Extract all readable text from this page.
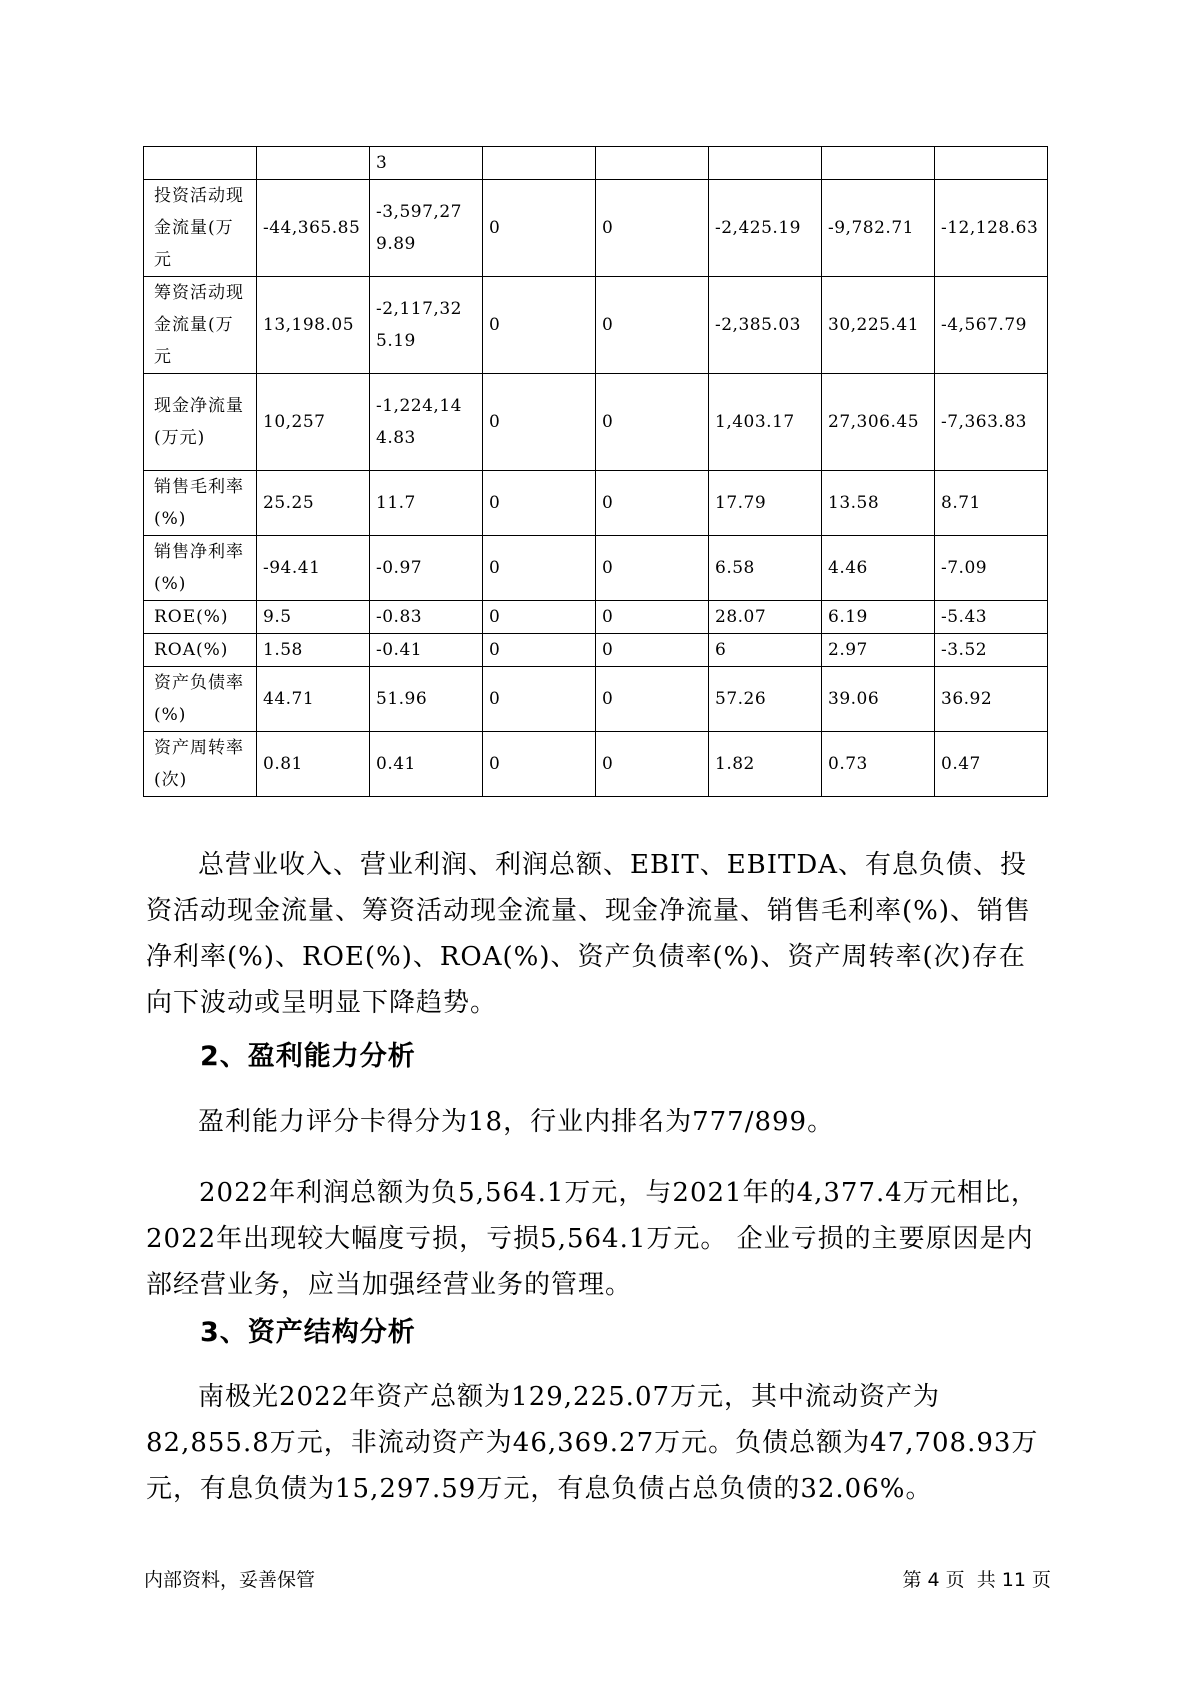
		3					
投资活动现金流量(万元	-44,365.85	-3,597,279.89	0	0	-2,425.19	-9,782.71	-12,128.63
筹资活动现金流量(万元	13,198.05	-2,117,325.19	0	0	-2,385.03	30,225.41	-4,567.79
现金净流量(万元)	10,257	-1,224,144.83	0	0	1,403.17	27,306.45	-7,363.83
销售毛利率(%)	25.25	11.7	0	0	17.79	13.58	8.71
销售净利率(%)	-94.41	-0.97	0	0	6.58	4.46	-7.09
ROE(%)	9.5	-0.83	0	0	28.07	6.19	-5.43
ROA(%)	1.58	-0.41	0	0	6	2.97	-3.52
资产负债率(%)	44.71	51.96	0	0	57.26	39.06	36.92
资产周转率(次)	0.81	0.41	0	0	1.82	0.73	0.47

总营业收入、营业利润、利润总额、EBIT、EBITDA、有息负债、投资活动现金流量、筹资活动现金流量、现金净流量、销售毛利率(%)、销售净利率(%)、ROE(%)、ROA(%)、资产负债率(%)、资产周转率(次)存在向下波动或呈明显下降趋势。

2、盈利能力分析

盈利能力评分卡得分为18，行业内排名为777/899。

2022年利润总额为负5,564.1万元，与2021年的4,377.4万元相比，2022年出现较大幅度亏损，亏损5,564.1万元。 企业亏损的主要原因是内部经营业务，应当加强经营业务的管理。

3、资产结构分析

南极光2022年资产总额为129,225.07万元，其中流动资产为82,855.8万元，非流动资产为46,369.27万元。负债总额为47,708.93万元，有息负债为15,297.59万元，有息负债占总负债的32.06%。

内部资料，妥善保管	第 4 页  共 11 页
